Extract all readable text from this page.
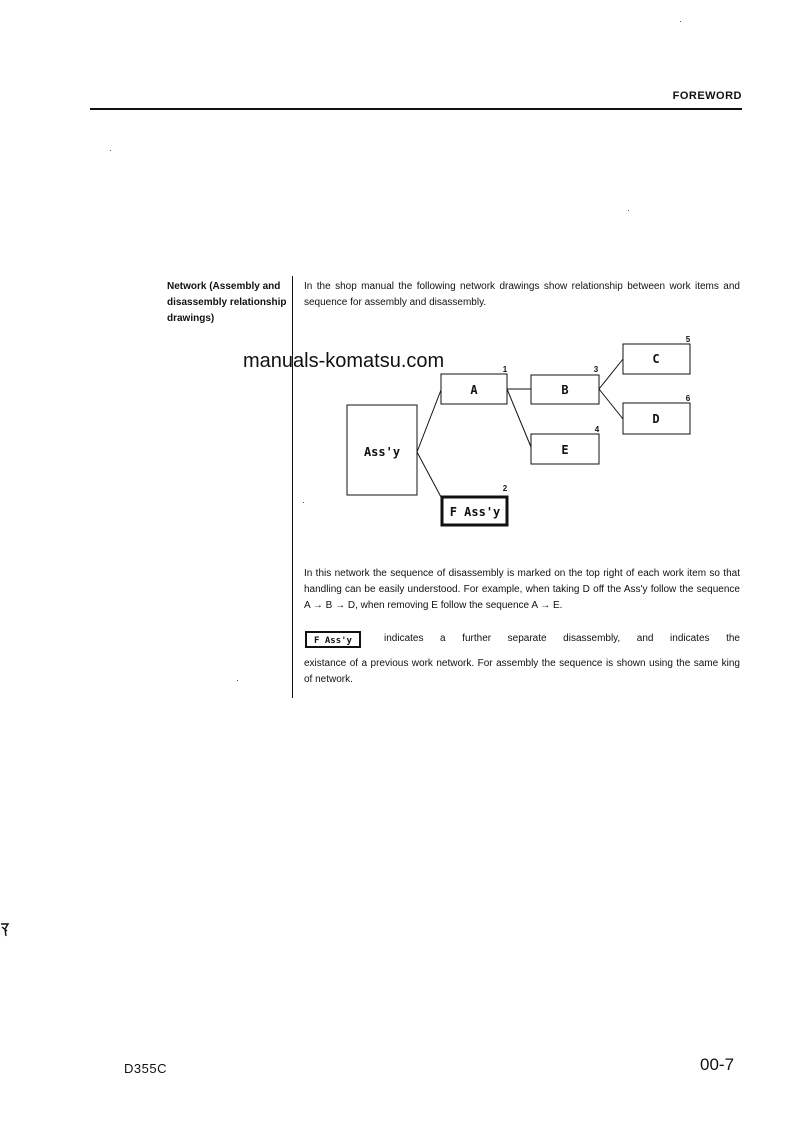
FOREWORD
Network (Assembly and disassembly relationship drawings)
In the shop manual the following network drawings show relationship between work items and sequence for assembly and disassembly.
Ass'y
A
F Ass'y
B
E
C
D
1
2
3
4
5
6
manuals-komatsu.com
In this network the sequence of disassembly is marked on the top right of each work item so that handling can be easily understood. For example, when taking D off the Ass'y follow the sequence A → B → D, when removing E follow the sequence A → E.
F Ass'y	indicates a further separate disassembly, and indicates the
existance of a previous work network. For assembly the sequence is shown using the same king of network.
D355C	00-7
